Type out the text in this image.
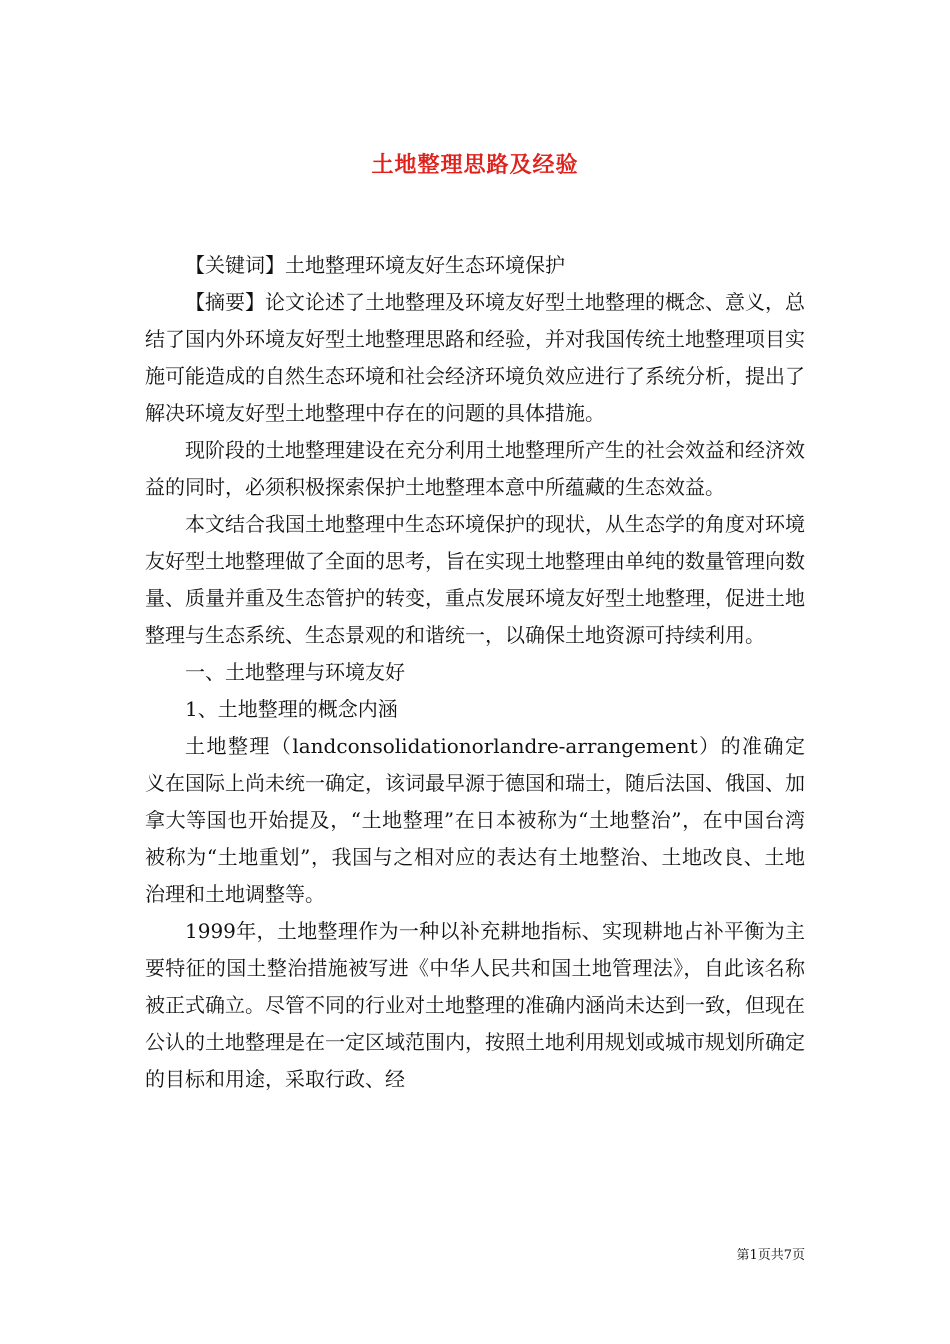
土地整理思路及经验

【关键词】土地整理环境友好生态环境保护

【摘要】论文论述了土地整理及环境友好型土地整理的概念、意义，总结了国内外环境友好型土地整理思路和经验，并对我国传统土地整理项目实施可能造成的自然生态环境和社会经济环境负效应进行了系统分析，提出了解决环境友好型土地整理中存在的问题的具体措施。

现阶段的土地整理建设在充分利用土地整理所产生的社会效益和经济效益的同时，必须积极探索保护土地整理本意中所蕴藏的生态效益。

本文结合我国土地整理中生态环境保护的现状，从生态学的角度对环境友好型土地整理做了全面的思考，旨在实现土地整理由单纯的数量管理向数量、质量并重及生态管护的转变，重点发展环境友好型土地整理，促进土地整理与生态系统、生态景观的和谐统一，以确保土地资源可持续利用。

一、土地整理与环境友好

1、土地整理的概念内涵

土地整理（landconsolidationorlandre-arrangement）的准确定义在国际上尚未统一确定，该词最早源于德国和瑞士，随后法国、俄国、加拿大等国也开始提及，“土地整理”在日本被称为“土地整治”，在中国台湾被称为“土地重划”，我国与之相对应的表达有土地整治、土地改良、土地治理和土地调整等。

1999年，土地整理作为一种以补充耕地指标、实现耕地占补平衡为主要特征的国土整治措施被写进《中华人民共和国土地管理法》，自此该名称被正式确立。尽管不同的行业对土地整理的准确内涵尚未达到一致，但现在公认的土地整理是在一定区域范围内，按照土地利用规划或城市规划所确定的目标和用途，采取行政、经

第1页共7页
